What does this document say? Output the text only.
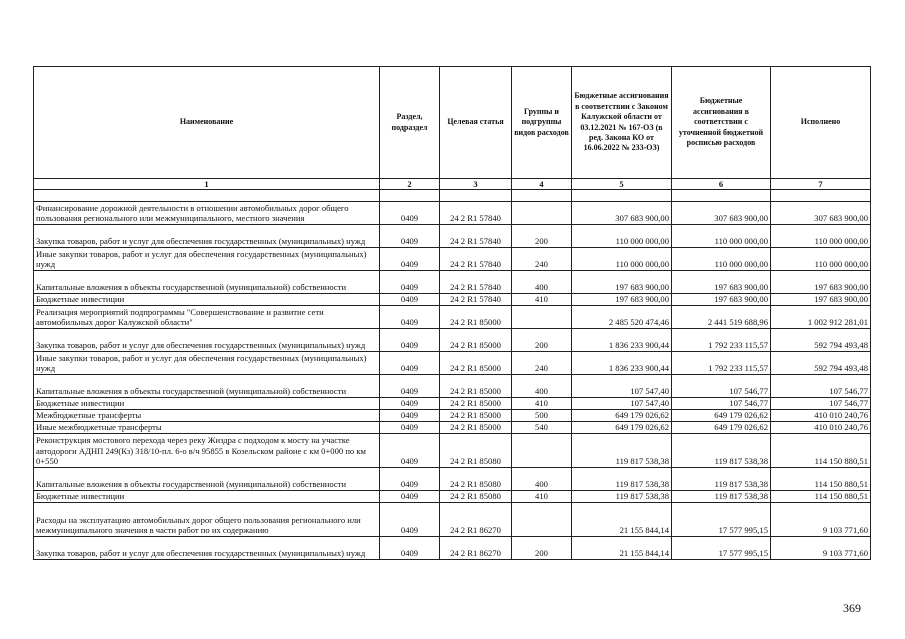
Наименование	Раздел, подраздел	Целевая статья	Группы и подгруппы видов расходов	Бюджетные ассигнования в соответствии с Законом Калужской области от 03.12.2021 № 167-ОЗ (в ред. Закона КО от 16.06.2022 № 233-ОЗ)	Бюджетные ассигнования в соответствии с уточненной бюджетной росписью расходов	Исполнено
1	2	3	4	5	6	7

Финансирование дорожной деятельности в отношении автомобильных дорог общего пользования регионального или межмуниципального, местного значения	0409	24 2 R1 57840		307 683 900,00	307 683 900,00	307 683 900,00
Закупка товаров, работ и услуг для обеспечения государственных (муниципальных) нужд	0409	24 2 R1 57840	200	110 000 000,00	110 000 000,00	110 000 000,00
Иные закупки товаров, работ и услуг для обеспечения государственных (муниципальных) нужд	0409	24 2 R1 57840	240	110 000 000,00	110 000 000,00	110 000 000,00
Капитальные вложения в объекты государственной (муниципальной) собственности	0409	24 2 R1 57840	400	197 683 900,00	197 683 900,00	197 683 900,00
Бюджетные инвестиции	0409	24 2 R1 57840	410	197 683 900,00	197 683 900,00	197 683 900,00
Реализация мероприятий подпрограммы "Совершенствование и развитие сети автомобильных дорог Калужской области"	0409	24 2 R1 85000		2 485 520 474,46	2 441 519 688,96	1 002 912 281,01
Закупка товаров, работ и услуг для обеспечения государственных (муниципальных) нужд	0409	24 2 R1 85000	200	1 836 233 900,44	1 792 233 115,57	592 794 493,48
Иные закупки товаров, работ и услуг для обеспечения государственных (муниципальных) нужд	0409	24 2 R1 85000	240	1 836 233 900,44	1 792 233 115,57	592 794 493,48
Капитальные вложения в объекты государственной (муниципальной) собственности	0409	24 2 R1 85000	400	107 547,40	107 546,77	107 546,77
Бюджетные инвестиции	0409	24 2 R1 85000	410	107 547,40	107 546,77	107 546,77
Межбюджетные трансферты	0409	24 2 R1 85000	500	649 179 026,62	649 179 026,62	410 010 240,76
Иные межбюджетные трансферты	0409	24 2 R1 85000	540	649 179 026,62	649 179 026,62	410 010 240,76
Реконструкция мостового перехода через реку Жиздра с подходом к мосту на участке автодороги АДНП 249(Кз) 318/10-пл. 6-о в/ч 95855 в Козельском районе с км 0+000 по км 0+550	0409	24 2 R1 85080		119 817 538,38	119 817 538,38	114 150 880,51
Капитальные вложения в объекты государственной (муниципальной) собственности	0409	24 2 R1 85080	400	119 817 538,38	119 817 538,38	114 150 880,51
Бюджетные инвестиции	0409	24 2 R1 85080	410	119 817 538,38	119 817 538,38	114 150 880,51
Расходы на эксплуатацию автомобильных дорог общего пользования регионального или межмуниципального значения в части работ по их содержанию	0409	24 2 R1 86270		21 155 844,14	17 577 995,15	9 103 771,60
Закупка товаров, работ и услуг для обеспечения государственных (муниципальных) нужд	0409	24 2 R1 86270	200	21 155 844,14	17 577 995,15	9 103 771,60
369
